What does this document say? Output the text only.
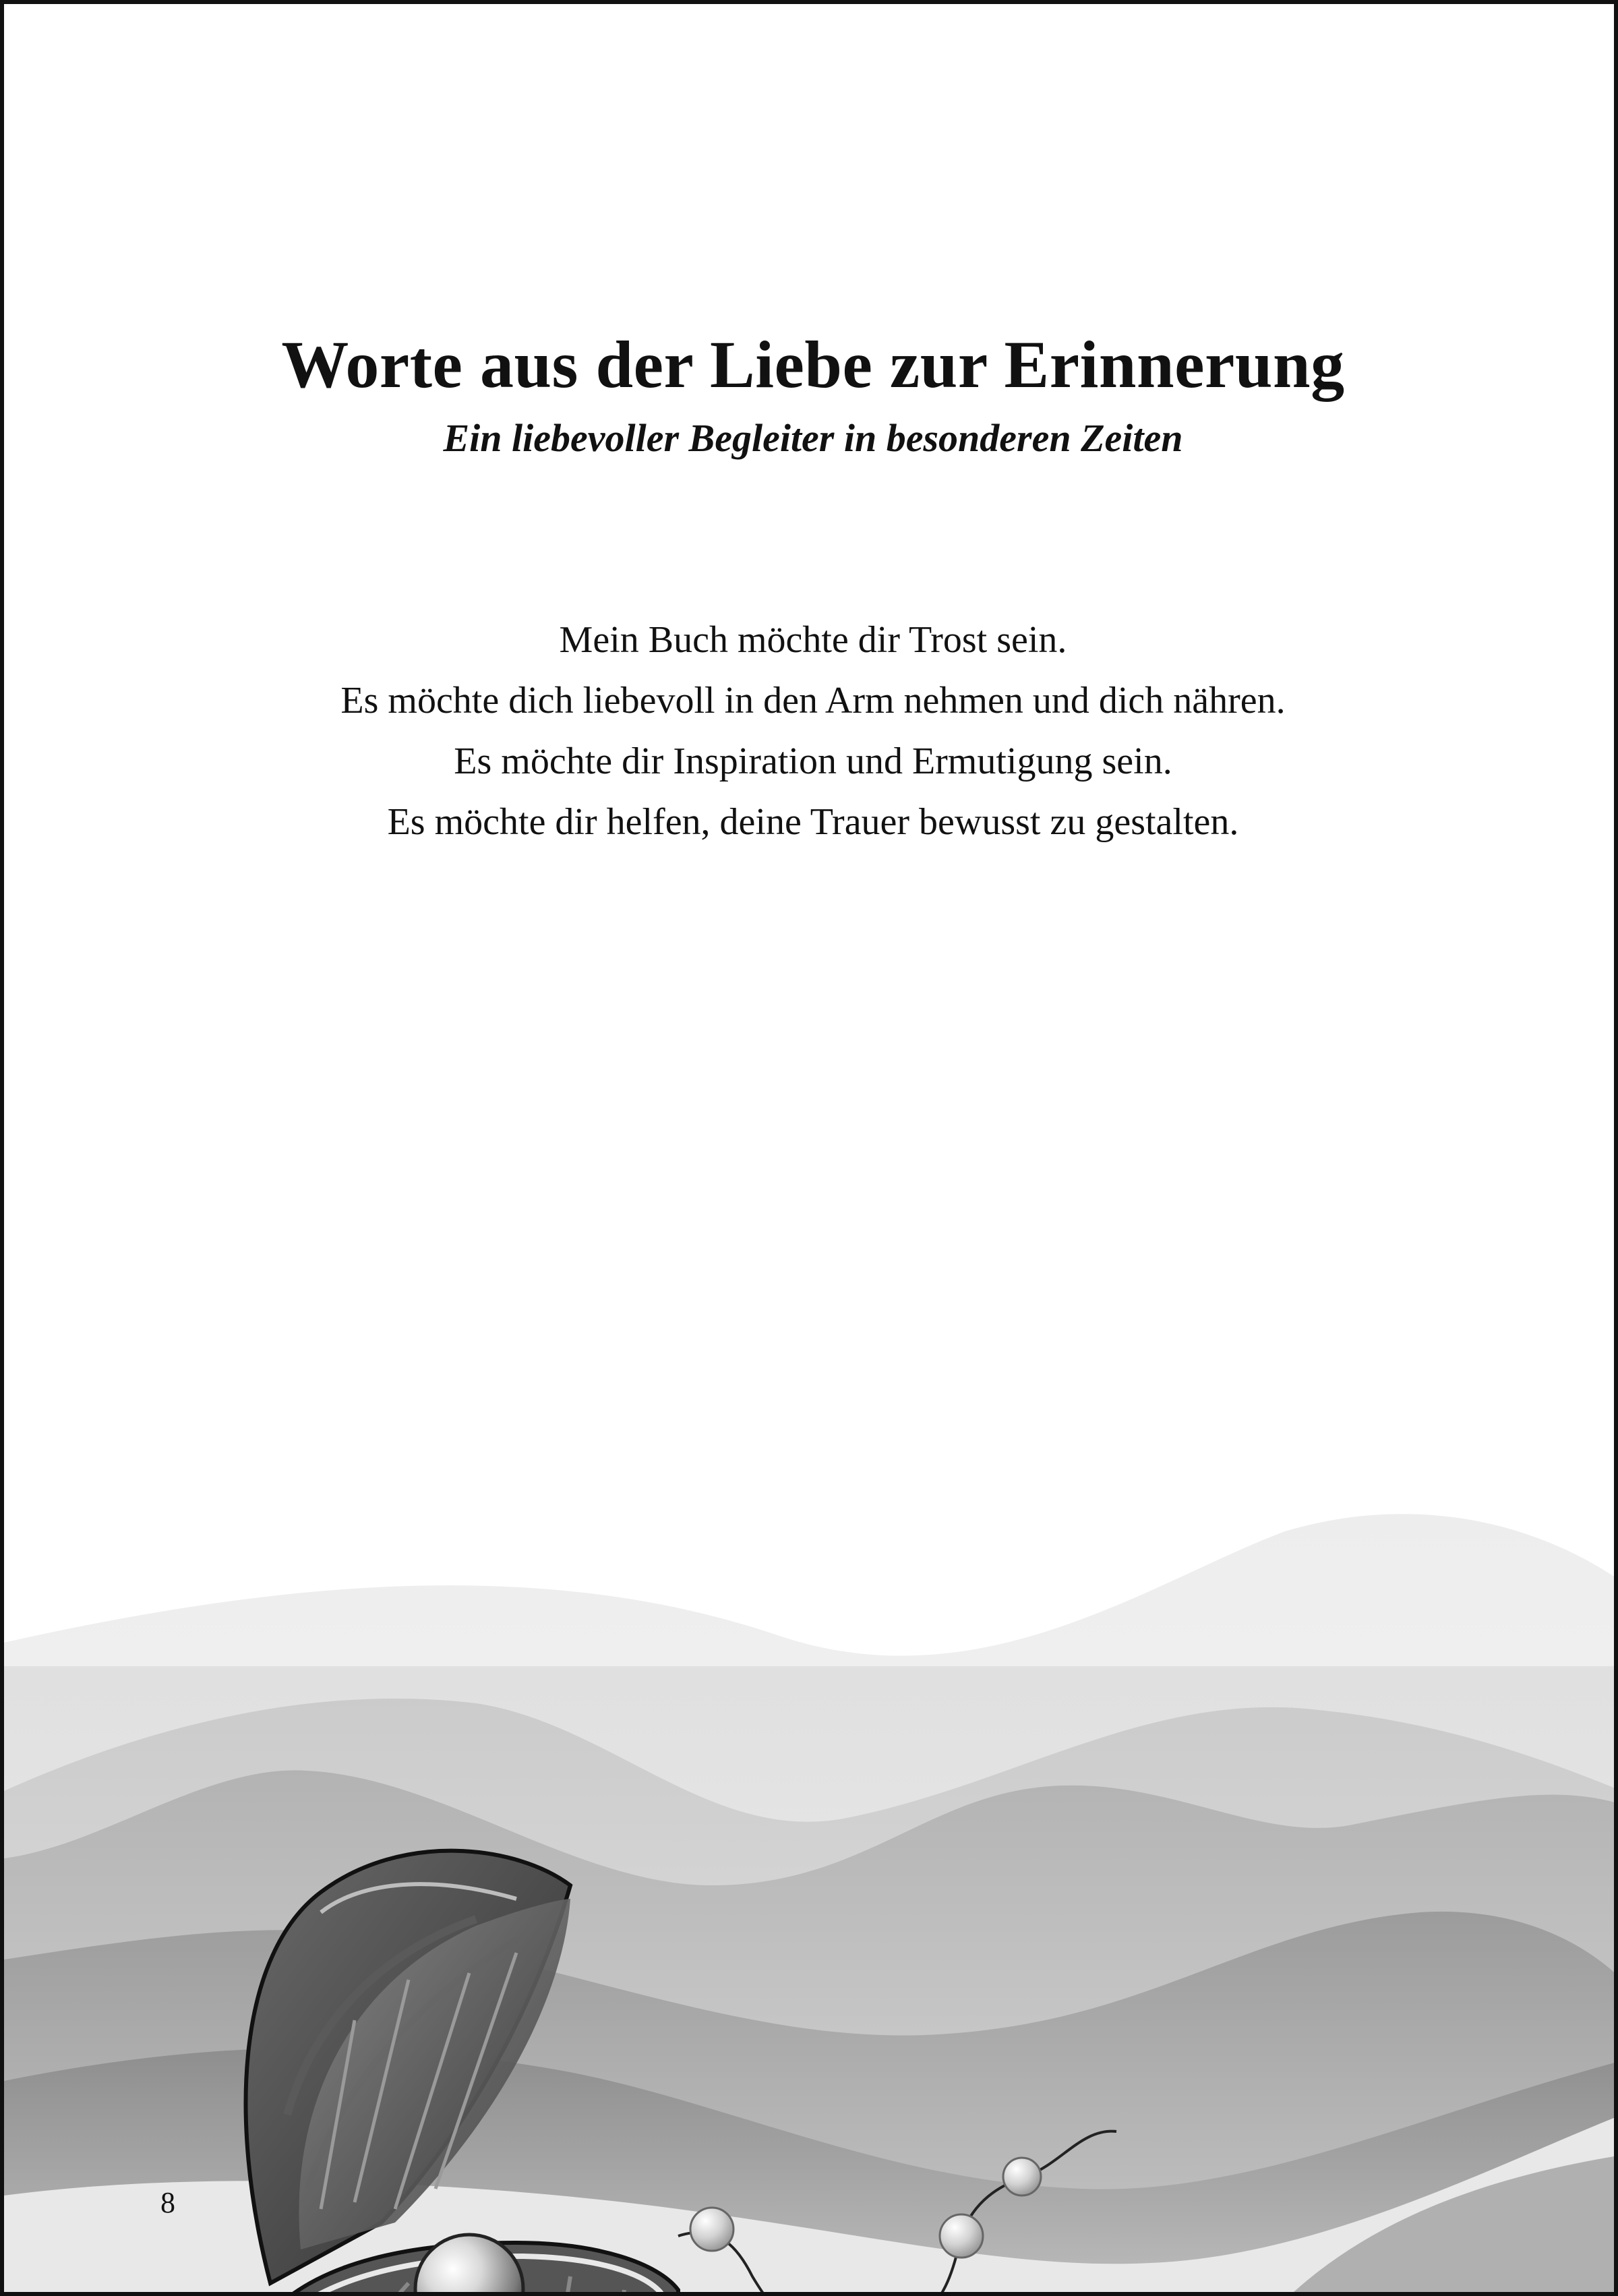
Worte aus der Liebe zur Erinnerung
Ein liebevoller Begleiter in besonderen Zeiten

Mein Buch möchte dir Trost sein.

Es möchte dich liebevoll in den Arm nehmen und dich nähren.

Es möchte dir Inspiration und Ermutigung sein.

Es möchte dir helfen, deine Trauer bewusst zu gestalten.

8
